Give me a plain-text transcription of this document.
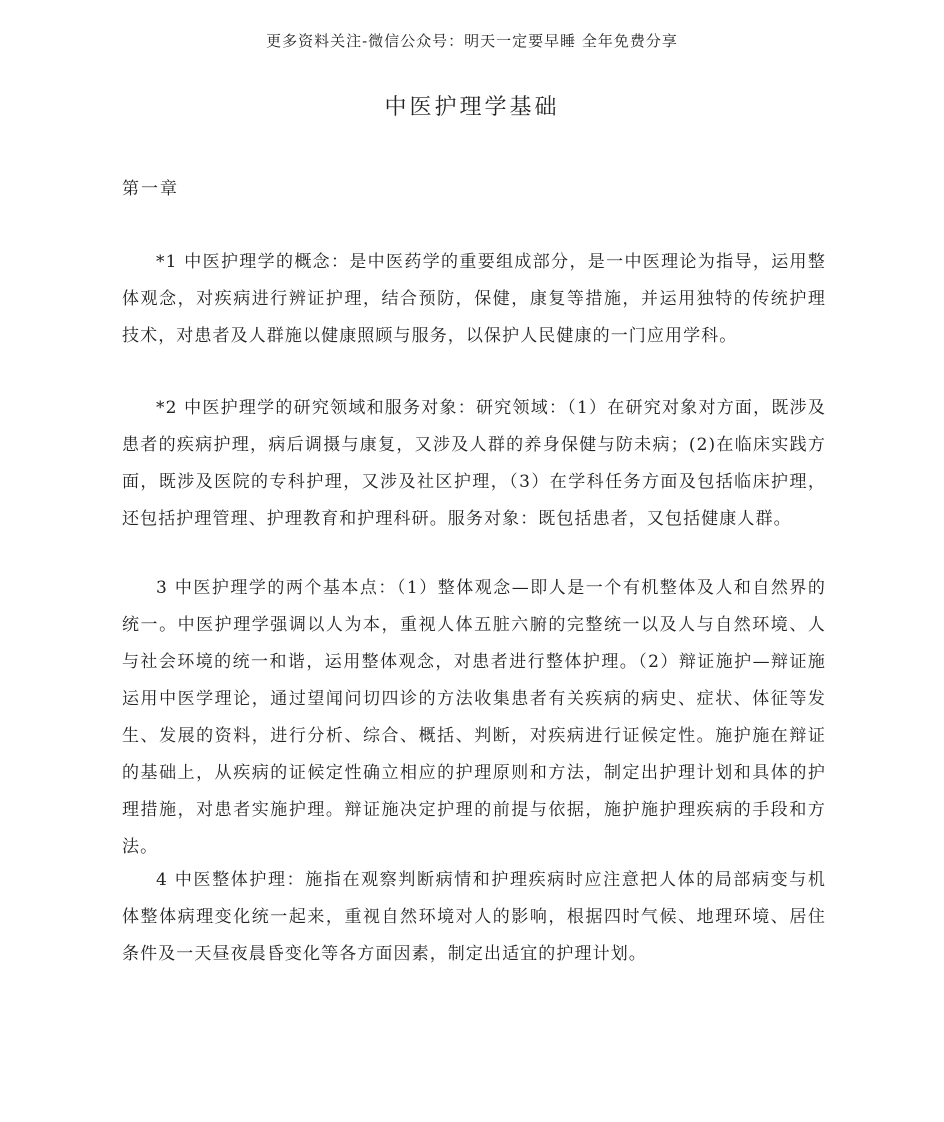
更多资料关注-微信公众号：明天一定要早睡 全年免费分享
中医护理学基础
第一章

*1 中医护理学的概念：是中医药学的重要组成部分，是一中医理论为指导，运用整体观念，对疾病进行辨证护理，结合预防，保健，康复等措施，并运用独特的传统护理技术，对患者及人群施以健康照顾与服务，以保护人民健康的一门应用学科。

*2 中医护理学的研究领域和服务对象：研究领域：（1）在研究对象对方面，既涉及患者的疾病护理，病后调摄与康复，又涉及人群的养身保健与防未病；(2)在临床实践方面，既涉及医院的专科护理，又涉及社区护理，（3）在学科任务方面及包括临床护理，还包括护理管理、护理教育和护理科研。服务对象：既包括患者，又包括健康人群。

3 中医护理学的两个基本点：（1）整体观念—即人是一个有机整体及人和自然界的统一。中医护理学强调以人为本，重视人体五脏六腑的完整统一以及人与自然环境、人与社会环境的统一和谐，运用整体观念，对患者进行整体护理。（2）辩证施护—辩证施运用中医学理论，通过望闻问切四诊的方法收集患者有关疾病的病史、症状、体征等发生、发展的资料，进行分析、综合、概括、判断，对疾病进行证候定性。施护施在辩证的基础上，从疾病的证候定性确立相应的护理原则和方法，制定出护理计划和具体的护理措施，对患者实施护理。辩证施决定护理的前提与依据，施护施护理疾病的手段和方法。

4 中医整体护理：施指在观察判断病情和护理疾病时应注意把人体的局部病变与机体整体病理变化统一起来，重视自然环境对人的影响，根据四时气候、地理环境、居住条件及一天昼夜晨昏变化等各方面因素，制定出适宜的护理计划。
